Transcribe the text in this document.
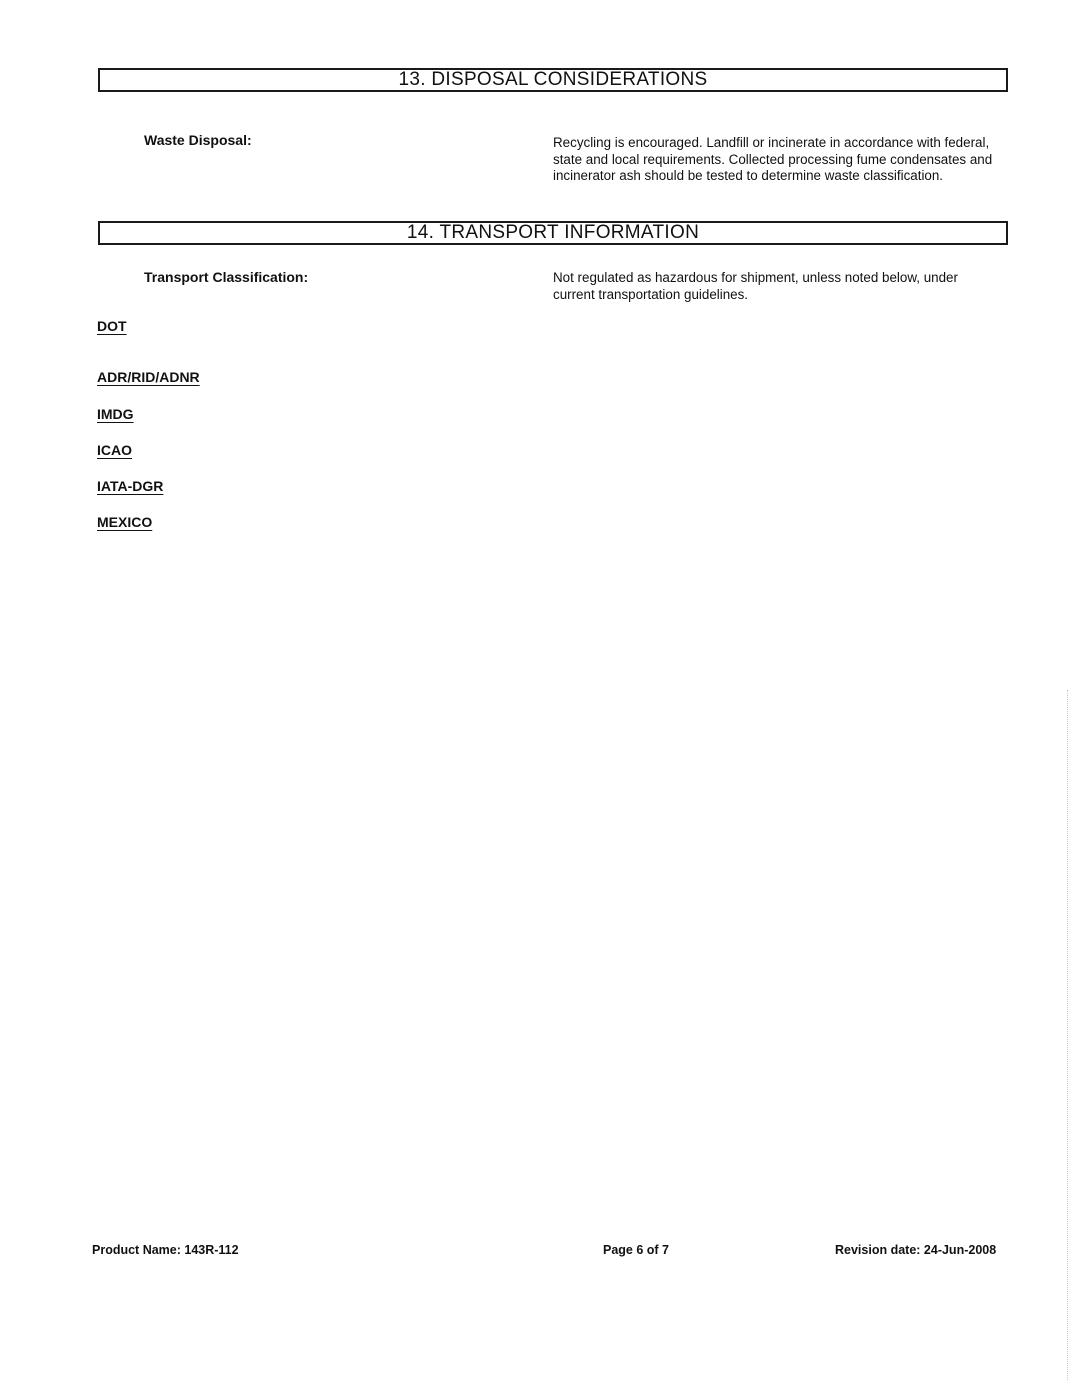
13. DISPOSAL CONSIDERATIONS
Waste Disposal:	Recycling is encouraged. Landfill or incinerate in accordance with federal, state and local requirements. Collected processing fume condensates and incinerator ash should be tested to determine waste classification.
14. TRANSPORT INFORMATION
Transport Classification:	Not regulated as hazardous for shipment, unless noted below, under current transportation guidelines.
DOT
ADR/RID/ADNR
IMDG
ICAO
IATA-DGR
MEXICO
Product Name: 143R-112	Page 6 of 7	Revision date: 24-Jun-2008
